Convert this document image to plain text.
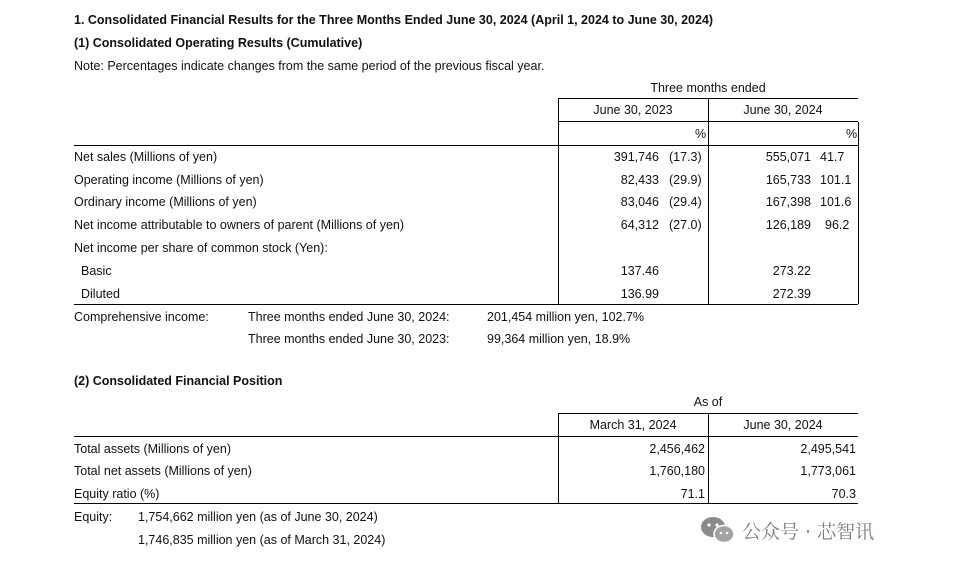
1. Consolidated Financial Results for the Three Months Ended June 30, 2024 (April 1, 2024 to June 30, 2024)
(1) Consolidated Operating Results (Cumulative)
Note: Percentages indicate changes from the same period of the previous fiscal year.
Three months ended
June 30, 2023	June 30, 2024
%	%
Net sales (Millions of yen)	391,746 (17.3)	555,071 41.7
Operating income (Millions of yen)	82,433 (29.9)	165,733 101.1
Ordinary income (Millions of yen)	83,046 (29.4)	167,398 101.6
Net income attributable to owners of parent (Millions of yen)	64,312 (27.0)	126,189 96.2
Net income per share of common stock (Yen):
Basic	137.46	273.22
Diluted	136.99	272.39
Comprehensive income:	Three months ended June 30, 2024:	201,454 million yen, 102.7%
Three months ended June 30, 2023:	99,364 million yen, 18.9%
(2) Consolidated Financial Position
As of
March 31, 2024	June 30, 2024
Total assets (Millions of yen)	2,456,462	2,495,541
Total net assets (Millions of yen)	1,760,180	1,773,061
Equity ratio (%)	71.1	70.3
Equity: 1,754,662 million yen (as of June 30, 2024)
1,746,835 million yen (as of March 31, 2024)	公众号 · 芯智讯
